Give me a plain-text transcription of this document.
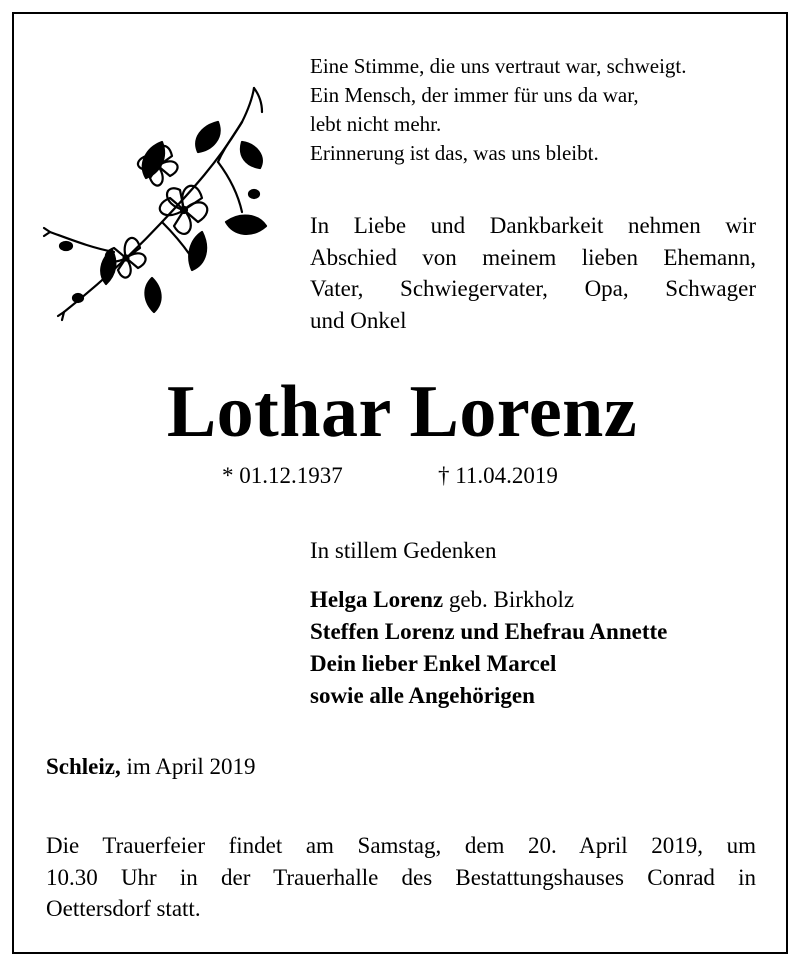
Eine Stimme, die uns vertraut war, schweigt.
Ein Mensch, der immer für uns da war,
lebt nicht mehr.
Erinnerung ist das, was uns bleibt.
In Liebe und Dankbarkeit nehmen wir
Abschied von meinem lieben Ehemann,
Vater, Schwiegervater, Opa, Schwager
und Onkel
Lothar Lorenz
* 01.12.1937	† 11.04.2019
In stillem Gedenken
Helga Lorenz geb. Birkholz
Steffen Lorenz und Ehefrau Annette
Dein lieber Enkel Marcel
sowie alle Angehörigen
Schleiz, im April 2019
Die Trauerfeier findet am Samstag, dem 20. April 2019, um
10.30 Uhr in der Trauerhalle des Bestattungshauses Conrad in
Oettersdorf statt.
